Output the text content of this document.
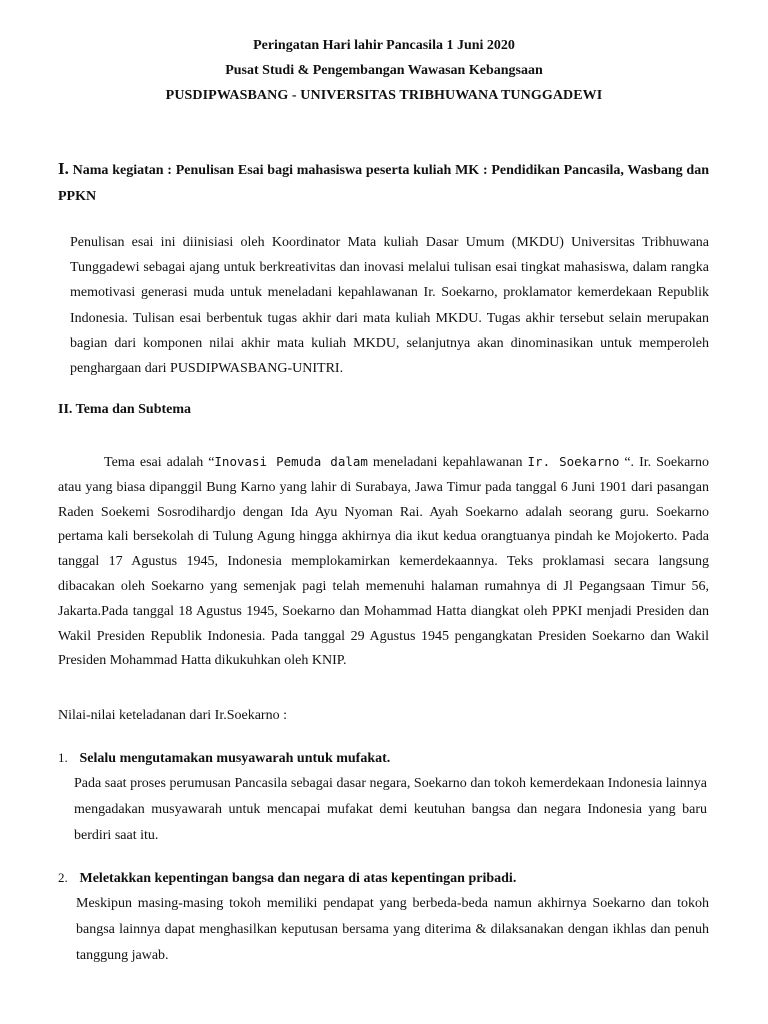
Peringatan Hari lahir Pancasila 1 Juni 2020
Pusat Studi & Pengembangan Wawasan Kebangsaan
PUSDIPWASBANG - UNIVERSITAS TRIBHUWANA TUNGGADEWI
I. Nama kegiatan : Penulisan Esai bagi mahasiswa peserta kuliah MK : Pendidikan Pancasila, Wasbang dan PPKN
Penulisan esai ini diinisiasi oleh Koordinator Mata kuliah Dasar Umum (MKDU) Universitas Tribhuwana Tunggadewi sebagai ajang untuk berkreativitas dan inovasi melalui tulisan esai tingkat mahasiswa, dalam rangka memotivasi generasi muda untuk meneladani kepahlawanan Ir. Soekarno, proklamator kemerdekaan Republik Indonesia. Tulisan esai berbentuk tugas akhir dari mata kuliah MKDU. Tugas akhir tersebut selain merupakan bagian dari komponen nilai akhir mata kuliah MKDU, selanjutnya akan dinominasikan untuk memperoleh penghargaan dari PUSDIPWASBANG-UNITRI.
II. Tema dan Subtema
Tema esai adalah “Inovasi Pemuda dalam meneladani kepahlawanan Ir. Soekarno “. Ir. Soekarno atau yang biasa dipanggil Bung Karno yang lahir di Surabaya, Jawa Timur pada tanggal 6 Juni 1901 dari pasangan Raden Soekemi Sosrodihardjo dengan Ida Ayu Nyoman Rai. Ayah Soekarno adalah seorang guru. Soekarno pertama kali bersekolah di Tulung Agung hingga akhirnya dia ikut kedua orangtuanya pindah ke Mojokerto. Pada tanggal 17 Agustus 1945, Indonesia memplokamirkan kemerdekaannya. Teks proklamasi secara langsung dibacakan oleh Soekarno yang semenjak pagi telah memenuhi halaman rumahnya di Jl Pegangsaan Timur 56, Jakarta.Pada tanggal 18 Agustus 1945, Soekarno dan Mohammad Hatta diangkat oleh PPKI menjadi Presiden dan Wakil Presiden Republik Indonesia. Pada tanggal 29 Agustus 1945 pengangkatan Presiden Soekarno dan Wakil Presiden Mohammad Hatta dikukuhkan oleh KNIP.
Nilai-nilai keteladanan dari Ir.Soekarno :
1. Selalu mengutamakan musyawarah untuk mufakat.
Pada saat proses perumusan Pancasila sebagai dasar negara, Soekarno dan tokoh kemerdekaan Indonesia lainnya mengadakan musyawarah untuk mencapai mufakat demi keutuhan bangsa dan negara Indonesia yang baru berdiri saat itu.
2. Meletakkan kepentingan bangsa dan negara di atas kepentingan pribadi.
Meskipun masing-masing tokoh memiliki pendapat yang berbeda-beda namun akhirnya Soekarno dan tokoh bangsa lainnya dapat menghasilkan keputusan bersama yang diterima & dilaksanakan dengan ikhlas dan penuh tanggung jawab.
